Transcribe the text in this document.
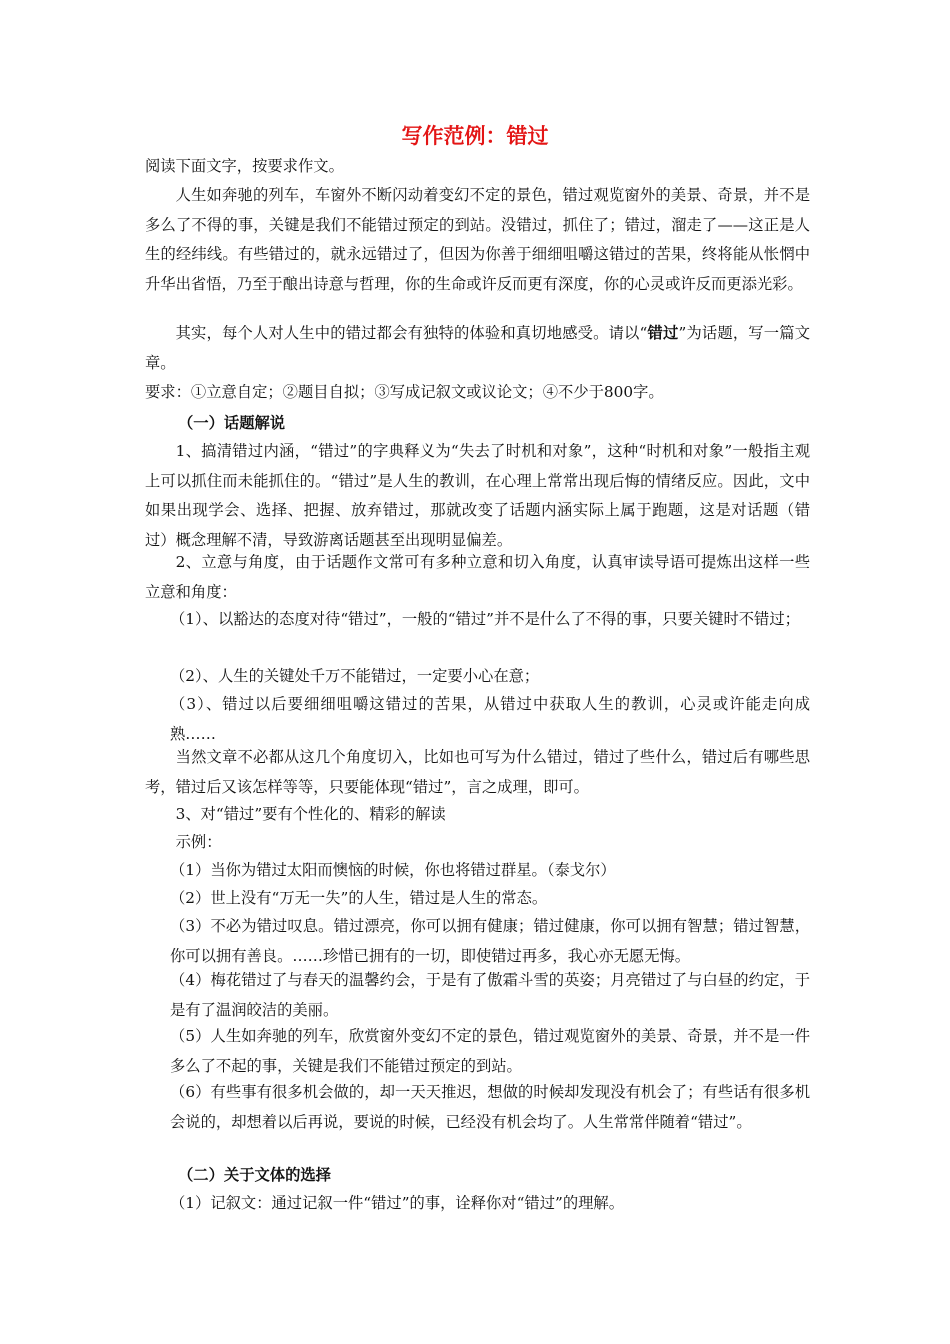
写作范例：错过

阅读下面文字，按要求作文。

人生如奔驰的列车，车窗外不断闪动着变幻不定的景色，错过观览窗外的美景、奇景，并不是多么了不得的事，关键是我们不能错过预定的到站。没错过，抓住了；错过，溜走了——这正是人生的经纬线。有些错过的，就永远错过了，但因为你善于细细咀嚼这错过的苦果，终将能从怅惘中升华出省悟，乃至于酿出诗意与哲理，你的生命或许反而更有深度，你的心灵或许反而更添光彩。

其实，每个人对人生中的错过都会有独特的体验和真切地感受。请以“错过”为话题，写一篇文章。

要求：①立意自定；②题目自拟；③写成记叙文或议论文；④不少于800字。

（一）话题解说

1、搞清错过内涵，“错过”的字典释义为“失去了时机和对象”，这种“时机和对象”一般指主观上可以抓住而未能抓住的。“错过”是人生的教训，在心理上常常出现后悔的情绪反应。因此，文中如果出现学会、选择、把握、放弃错过，那就改变了话题内涵实际上属于跑题，这是对话题（错过）概念理解不清，导致游离话题甚至出现明显偏差。

2、立意与角度，由于话题作文常可有多种立意和切入角度，认真审读导语可提炼出这样一些立意和角度：

（1）、以豁达的态度对待“错过”，一般的“错过”并不是什么了不得的事，只要关键时不错过；

（2）、人生的关键处千万不能错过，一定要小心在意；

（3）、错过以后要细细咀嚼这错过的苦果，从错过中获取人生的教训，心灵或许能走向成熟……

当然文章不必都从这几个角度切入，比如也可写为什么错过，错过了些什么，错过后有哪些思考，错过后又该怎样等等，只要能体现“错过”，言之成理，即可。

3、对“错过”要有个性化的、精彩的解读

示例：

（1）当你为错过太阳而懊恼的时候，你也将错过群星。（泰戈尔）

（2）世上没有“万无一失”的人生，错过是人生的常态。

（3）不必为错过叹息。错过漂亮，你可以拥有健康；错过健康，你可以拥有智慧；错过智慧，你可以拥有善良。……珍惜已拥有的一切，即使错过再多，我心亦无愿无悔。

（4）梅花错过了与春天的温馨约会，于是有了傲霜斗雪的英姿；月亮错过了与白昼的约定，于是有了温润皎洁的美丽。

（5）人生如奔驰的列车，欣赏窗外变幻不定的景色，错过观览窗外的美景、奇景，并不是一件多么了不起的事，关键是我们不能错过预定的到站。

（6）有些事有很多机会做的，却一天天推迟，想做的时候却发现没有机会了；有些话有很多机会说的，却想着以后再说，要说的时候，已经没有机会均了。人生常常伴随着“错过”。

（二）关于文体的选择

（1）记叙文：通过记叙一件“错过”的事，诠释你对“错过”的理解。
